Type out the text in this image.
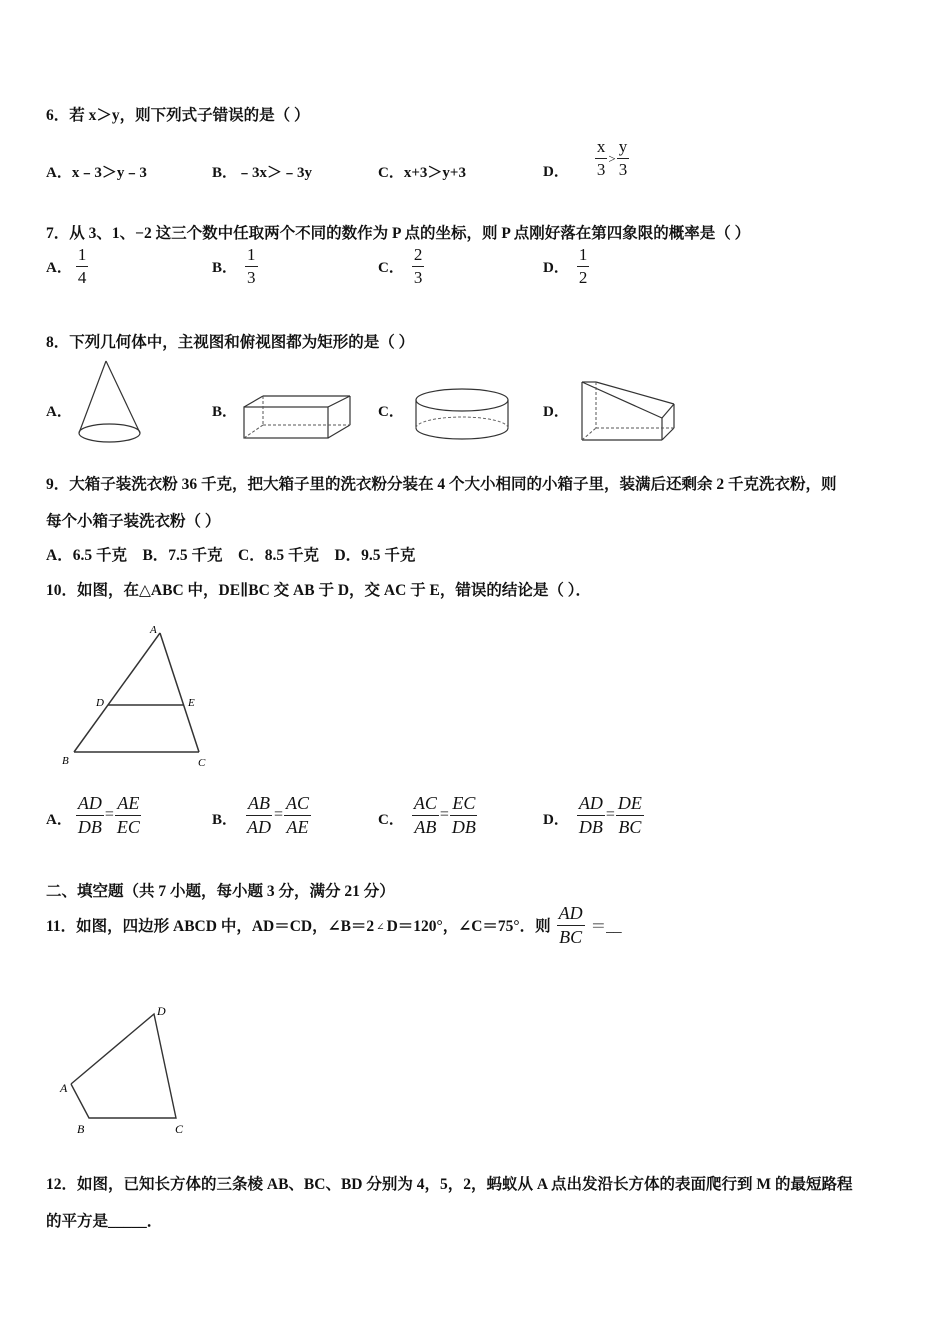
6．若 x＞y，则下列式子错误的是（ ）
A．x﹣3＞y﹣3	B．﹣3x＞﹣3y	C．x+3＞y+3	D． $\frac{x}{3} > \frac{y}{3}$
7．从 3、1、−2 这三个数中任取两个不同的数作为 P 点的坐标，则 P 点刚好落在第四象限的概率是（ ）
A． $\frac{1}{4}$	B． $\frac{1}{3}$	C． $\frac{2}{3}$	D． $\frac{1}{2}$
8．下列几何体中，主视图和俯视图都为矩形的是（ ）
A．	B．	C．	D．
9．大箱子装洗衣粉 36 千克，把大箱子里的洗衣粉分装在 4 个大小相同的小箱子里，装满后还剩余 2 千克洗衣粉，则
每个小箱子装洗衣粉（ ）
A．6.5 千克    B．7.5 千克    C．8.5 千克    D．9.5 千克
10．如图，在△ABC 中，DE∥BC 交 AB 于 D，交 AC 于 E，错误的结论是（ ）．
A
D	E
B	C
A． $\frac{AD}{DB} = \frac{AE}{EC}$	B． $\frac{AB}{AD} = \frac{AC}{AE}$	C． $\frac{AC}{AB} = \frac{EC}{DB}$	D． $\frac{AD}{DB} = \frac{DE}{BC}$
二、填空题（共 7 小题，每小题 3 分，满分 21 分）
11．如图，四边形 ABCD 中，AD＝CD，∠B＝2 ∠ D＝120°，∠C＝75°．则 $\frac{AD}{BC}$ ＝__
D
A
B	C
12．如图，已知长方体的三条棱 AB、BC、BD 分别为 4，5，2，蚂蚁从 A 点出发沿长方体的表面爬行到 M 的最短路程
的平方是_____．
